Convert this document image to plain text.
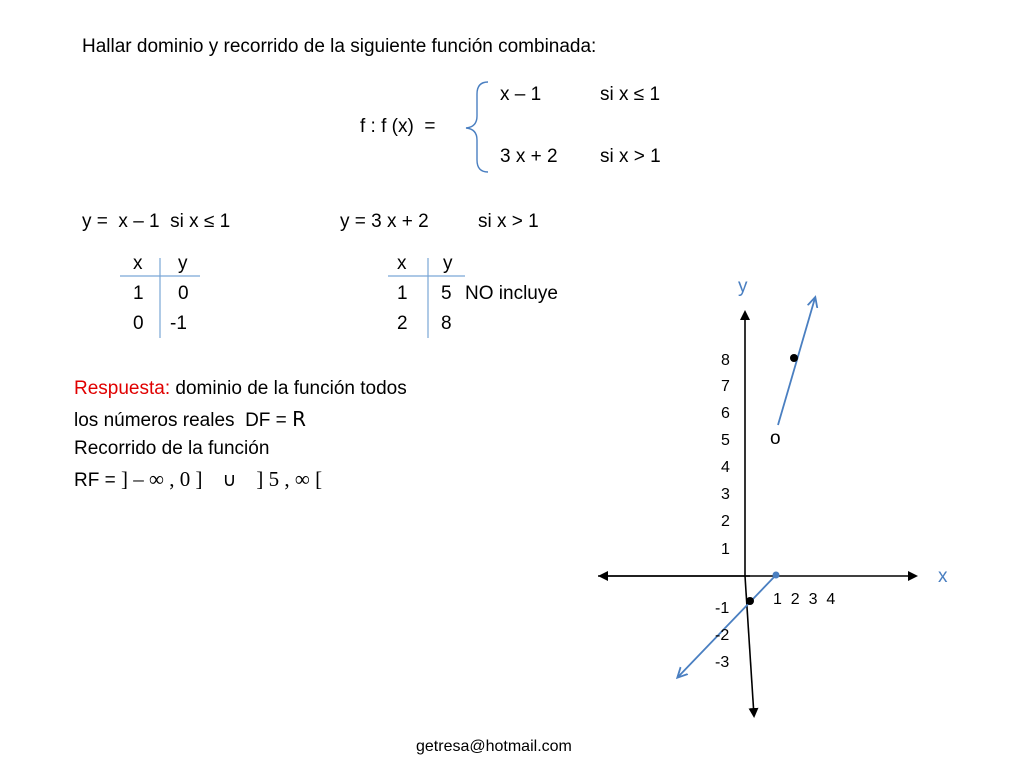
Hallar dominio y recorrido de la siguiente función combinada:
f : f (x)  =
x – 1	si x ≤ 1
3 x + 2 si x > 1
y =  x – 1  si x ≤ 1
x y
1 0
0 -1
y = 3 x + 2	si x > 1
x y
1 5 NO incluye
2 8
Respuesta: dominio de la función todos
los números reales  DF = R
Recorrido de la función
RF = ] – ∞ , 0 ] ∪ ] 5 , ∞ [
y
x
8
7
6
5
4
3
2
1
-1
-2
-3
1  2  3  4
o
getresa@hotmail.com
